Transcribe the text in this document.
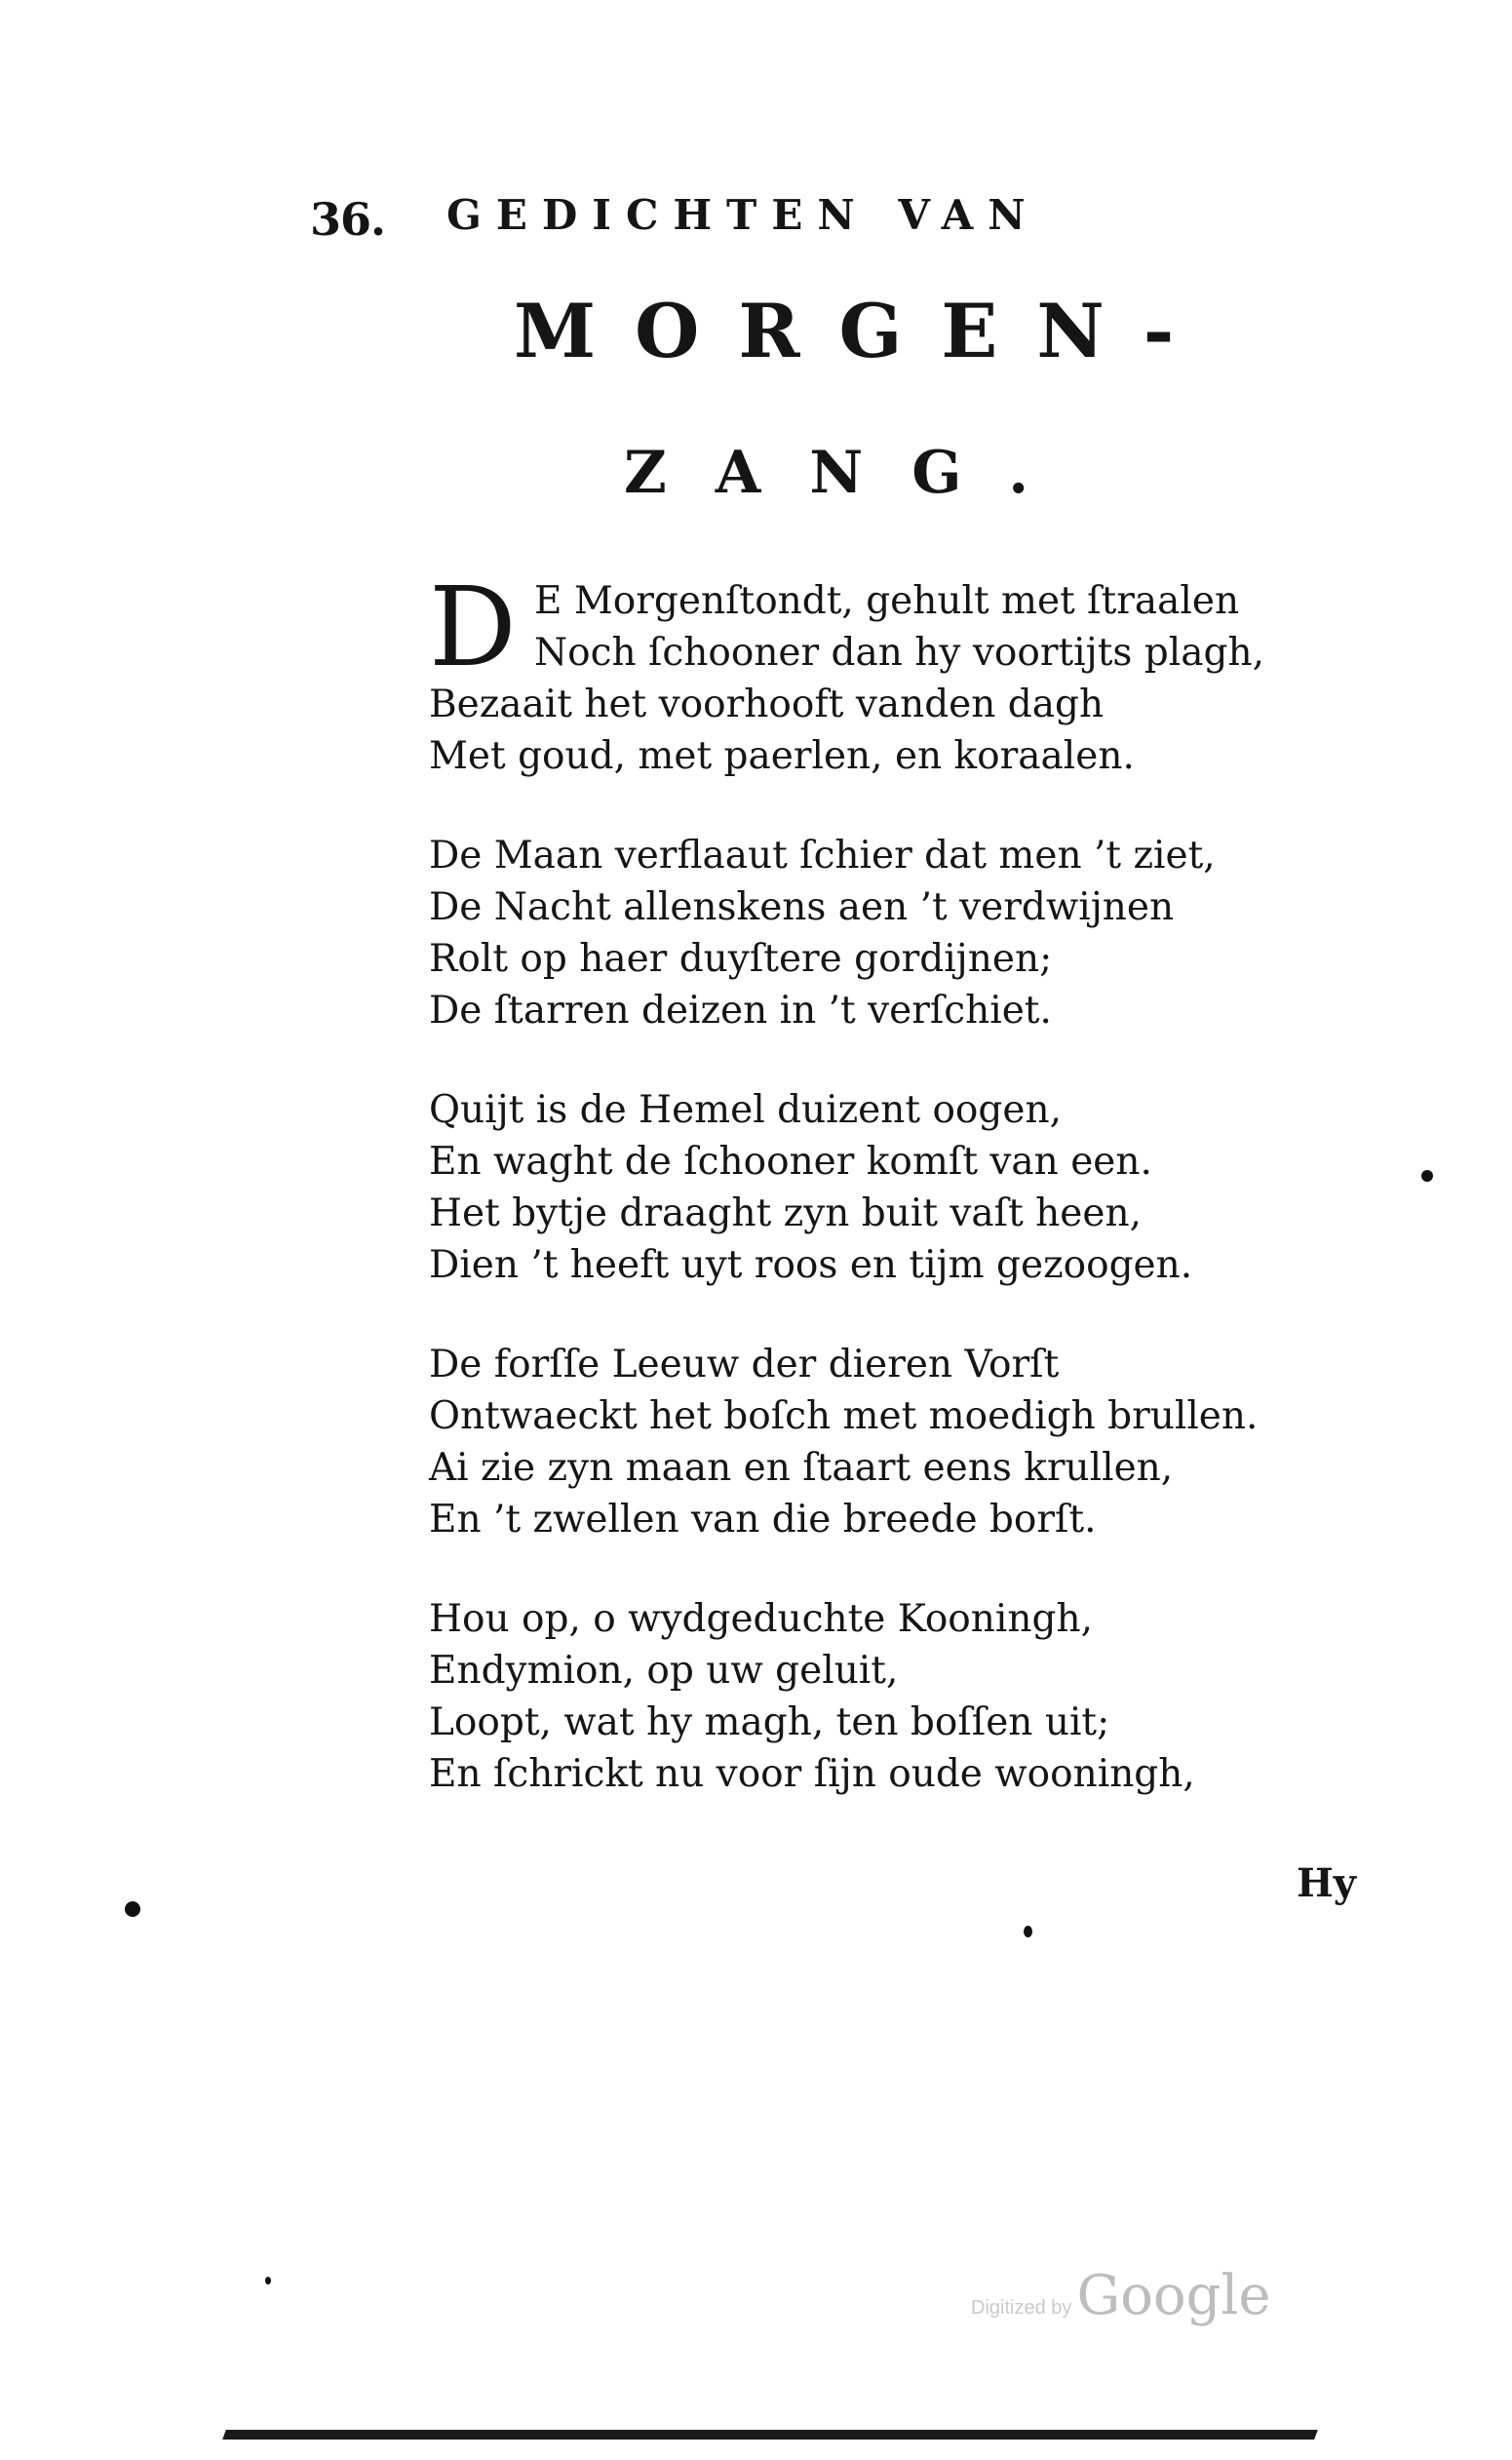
36. GEDICHTEN VAN
MORGEN-
ZANG.
D E Morgenſtondt, gehult met ſtraalen
Noch ſchooner dan hy voortijts plagh,
Bezaait het voorhooft vanden dagh
Met goud, met paerlen, en koraalen.
De Maan verflaaut ſchier dat men ’t ziet,
De Nacht allenskens aen ’t verdwijnen
Rolt op haer duyſtere gordijnen;
De ſtarren deizen in ’t verſchiet.
Quijt is de Hemel duizent oogen,
En waght de ſchooner komſt van een.
Het bytje draaght zyn buit vaſt heen,
Dien ’t heeft uyt roos en tijm gezoogen.
De forſſe Leeuw der dieren Vorſt
Ontwaeckt het boſch met moedigh brullen.
Ai zie zyn maan en ſtaart eens krullen,
En ’t zwellen van die breede borſt.
Hou op, o wydgeduchte Kooningh,
Endymion, op uw geluit,
Loopt, wat hy magh, ten boſſen uit;
En ſchrickt nu voor ſijn oude wooningh,
Hy
Digitized by Google
